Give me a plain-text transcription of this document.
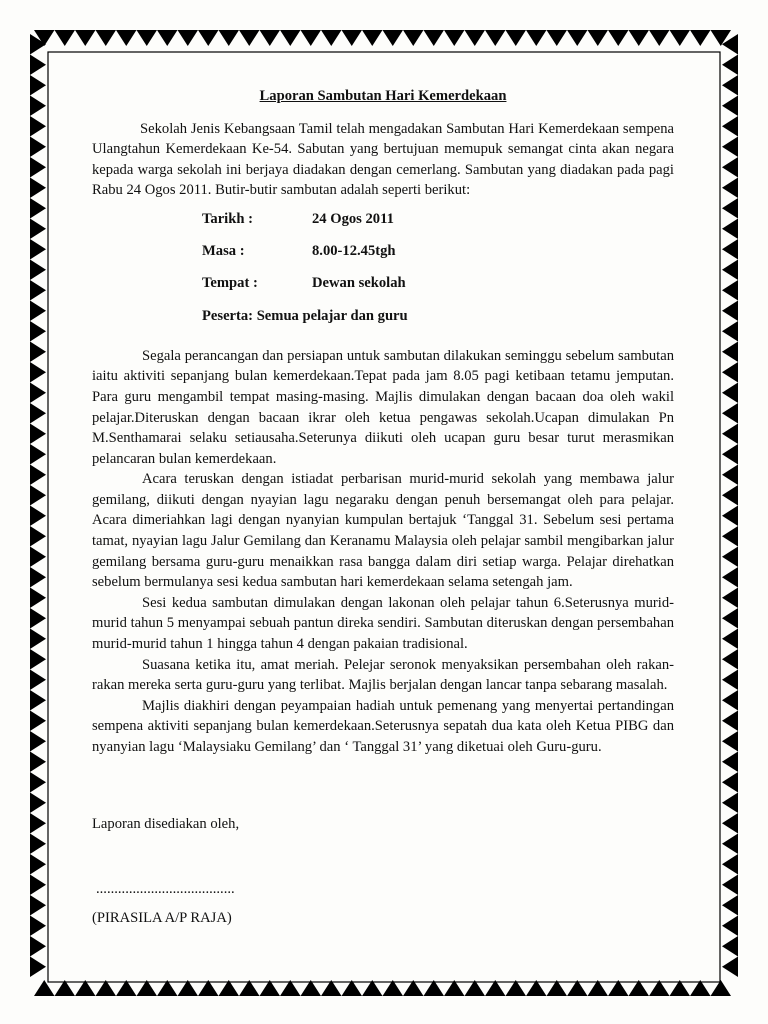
Laporan Sambutan Hari Kemerdekaan

Sekolah Jenis Kebangsaan Tamil telah mengadakan Sambutan Hari Kemerdekaan sempena Ulangtahun Kemerdekaan Ke-54. Sabutan yang bertujuan memupuk semangat cinta akan negara kepada warga sekolah ini berjaya diadakan dengan cemerlang. Sambutan yang diadakan pada pagi Rabu 24 Ogos 2011. Butir-butir sambutan adalah seperti berikut:

Tarikh :	24 Ogos 2011
Masa :	8.00-12.45tgh
Tempat :	Dewan sekolah
Peserta: Semua pelajar dan guru

Segala perancangan dan persiapan untuk sambutan dilakukan seminggu sebelum sambutan iaitu aktiviti sepanjang bulan kemerdekaan.Tepat pada jam 8.05 pagi ketibaan tetamu jemputan. Para guru mengambil tempat masing-masing. Majlis dimulakan dengan bacaan doa oleh wakil pelajar.Diteruskan dengan bacaan ikrar oleh ketua pengawas sekolah.Ucapan dimulakan Pn M.Senthamarai selaku setiausaha.Seterunya diikuti oleh ucapan guru besar turut merasmikan pelancaran bulan kemerdekaan.

Acara teruskan dengan istiadat perbarisan murid-murid sekolah yang membawa jalur gemilang, diikuti dengan nyayian lagu negaraku dengan penuh bersemangat oleh para pelajar. Acara dimeriahkan lagi dengan nyanyian kumpulan bertajuk ‘Tanggal 31. Sebelum sesi pertama tamat, nyayian lagu Jalur Gemilang dan Keranamu Malaysia oleh pelajar sambil mengibarkan jalur gemilang bersama guru-guru menaikkan rasa bangga dalam diri setiap warga. Pelajar direhatkan sebelum bermulanya sesi kedua sambutan hari kemerdekaan selama setengah jam.

Sesi kedua sambutan dimulakan dengan lakonan oleh pelajar tahun 6.Seterusnya murid-murid tahun 5 menyampai sebuah pantun direka sendiri. Sambutan diteruskan dengan persembahan murid-murid tahun 1 hingga tahun 4 dengan pakaian tradisional.

Suasana ketika itu, amat meriah. Pelejar seronok menyaksikan persembahan oleh rakan-rakan mereka serta guru-guru yang terlibat. Majlis berjalan dengan lancar tanpa sebarang masalah.

Majlis diakhiri dengan peyampaian hadiah untuk pemenang yang menyertai pertandingan sempena aktiviti sepanjang bulan kemerdekaan.Seterusnya sepatah dua kata oleh Ketua PIBG dan nyanyian lagu ‘Malaysiaku Gemilang’ dan ‘ Tanggal 31’ yang diketuai oleh Guru-guru.

Laporan disediakan oleh,
......................................
(PIRASILA A/P RAJA)
